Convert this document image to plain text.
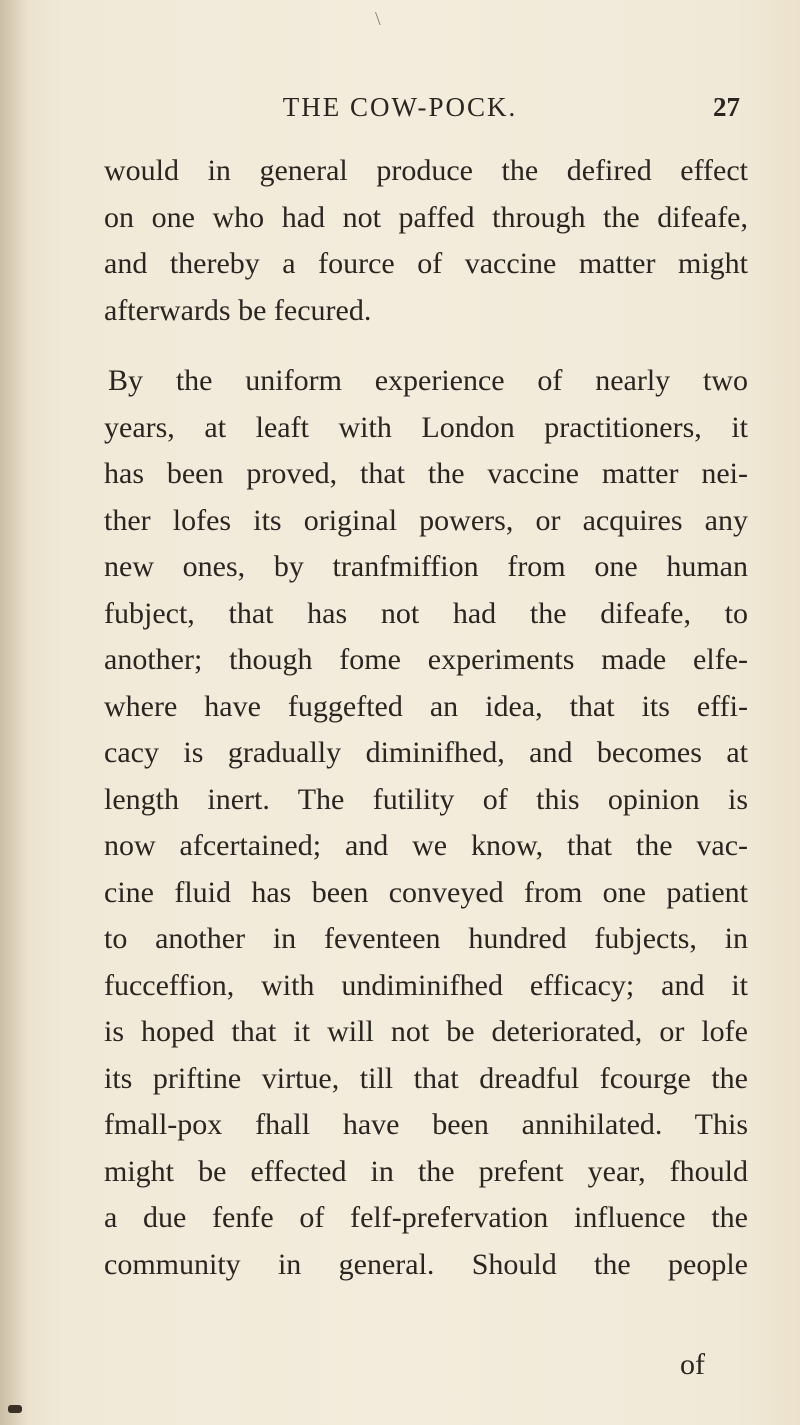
\
THE COW-POCK.	27
would in general produce the defired effect
on one who had not paffed through the difeafe,
and thereby a fource of vaccine matter might
afterwards be fecured.
By the uniform experience of nearly two
years, at leaft with London practitioners, it
has been proved, that the vaccine matter nei-
ther lofes its original powers, or acquires any
new ones, by tranfmiffion from one human
fubject, that has not had the difeafe, to
another; though fome experiments made elfe-
where have fuggefted an idea, that its effi-
cacy is gradually diminifhed, and becomes at
length inert. The futility of this opinion is
now afcertained; and we know, that the vac-
cine fluid has been conveyed from one patient
to another in feventeen hundred fubjects, in
fucceffion, with undiminifhed efficacy; and it
is hoped that it will not be deteriorated, or lofe
its priftine virtue, till that dreadful fcourge the
fmall-pox fhall have been annihilated. This
might be effected in the prefent year, fhould
a due fenfe of felf-prefervation influence the
community in general. Should the people
of
